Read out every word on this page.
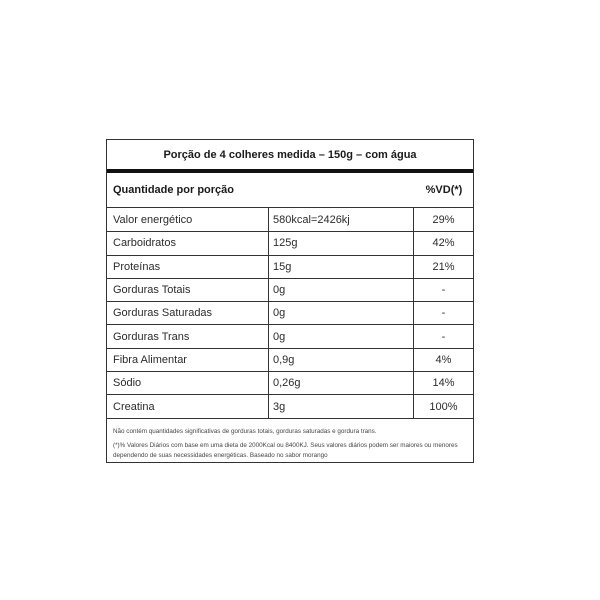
Porção de 4 colheres medida – 150g – com água
Quantidade por porção	%VD(*)
Valor energético	580kcal=2426kj	29%
Carboidratos	125g	42%
Proteínas	15g	21%
Gorduras Totais	0g	-
Gorduras Saturadas	0g	-
Gorduras Trans	0g	-
Fibra Alimentar	0,9g	4%
Sódio	0,26g	14%
Creatina	3g	100%

Não contém quantidades significativas de gorduras totais, gorduras saturadas e gordura trans.

(*)% Valores Diários com base em uma dieta de 2000Kcal ou 8400KJ. Seus valores diários podem ser maiores ou menores dependendo de suas necessidades energéticas. Baseado no sabor morango
